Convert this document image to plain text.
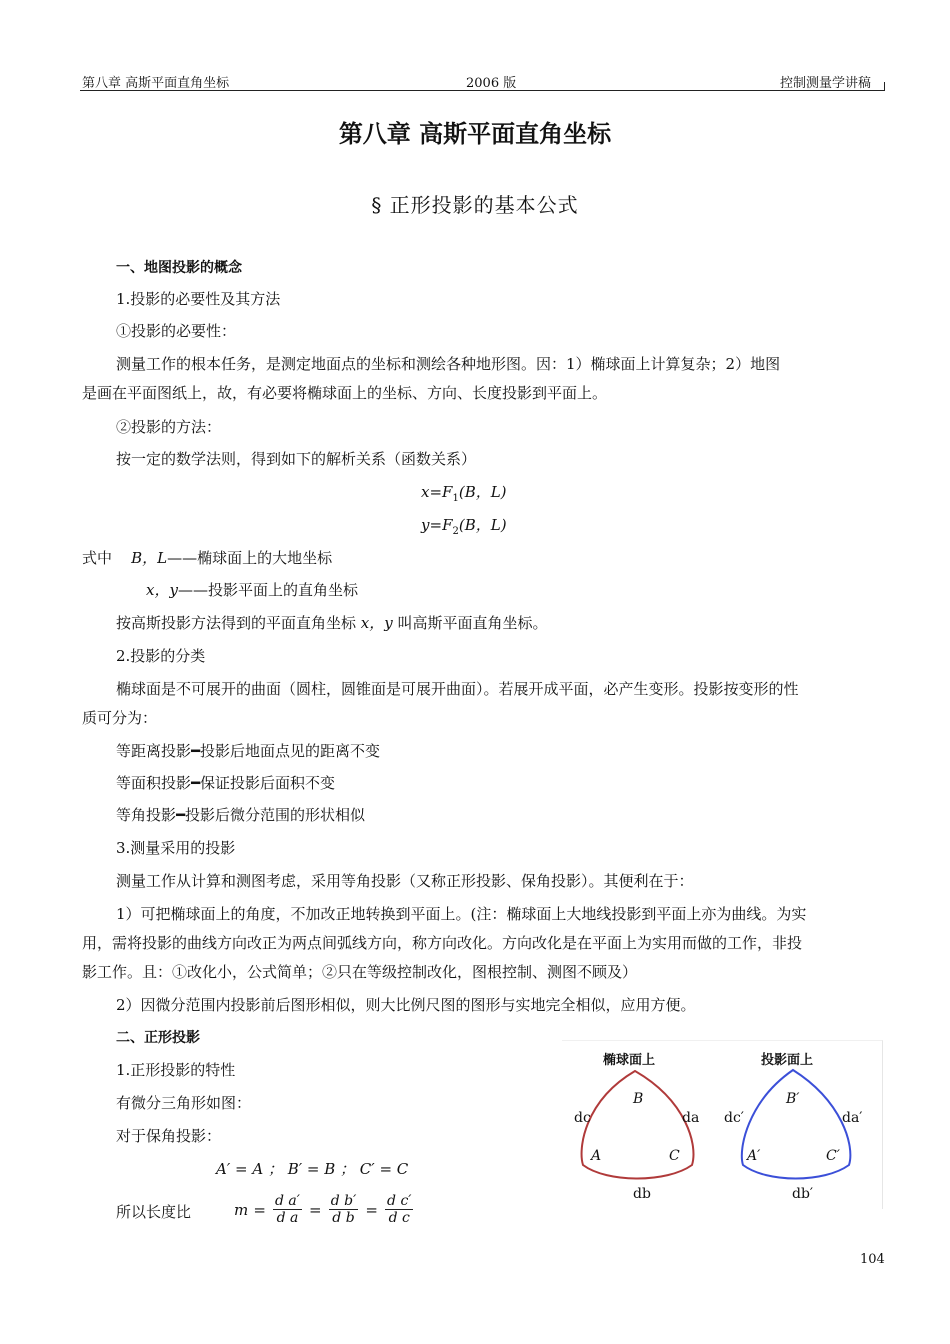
第八章 高斯平面直角坐标	2006 版	控制测量学讲稿
第八章 高斯平面直角坐标
§ 正形投影的基本公式
一、地图投影的概念
1.投影的必要性及其方法
①投影的必要性：
测量工作的根本任务，是测定地面点的坐标和测绘各种地形图。因：1）椭球面上计算复杂；2）地图
是画在平面图纸上，故，有必要将椭球面上的坐标、方向、长度投影到平面上。
②投影的方法：
按一定的数学法则，得到如下的解析关系（函数关系）
$x=F_1(B$，L)
$y=F_2(B$，L)
式中 B，L——椭球面上的大地坐标
x，y——投影平面上的直角坐标
按高斯投影方法得到的平面直角坐标 x，y 叫高斯平面直角坐标。
2.投影的分类
椭球面是不可展开的曲面（圆柱，圆锥面是可展开曲面）。若展开成平面，必产生变形。投影按变形的性
质可分为：
等距离投影━投影后地面点见的距离不变
等面积投影━保证投影后面积不变
等角投影━投影后微分范围的形状相似
3.测量采用的投影
测量工作从计算和测图考虑，采用等角投影（又称正形投影、保角投影）。其便利在于：
1）可把椭球面上的角度，不加改正地转换到平面上。(注：椭球面上大地线投影到平面上亦为曲线。为实
用，需将投影的曲线方向改正为两点间弧线方向，称方向改化。方向改化是在平面上为实用而做的工作，非投
影工作。且：①改化小，公式简单；②只在等级控制改化，图根控制、测图不顾及）
2）因微分范围内投影前后图形相似，则大比例尺图的图形与实地完全相似，应用方便。
二、正形投影
1.正形投影的特性
有微分三角形如图：
对于保角投影：
A′ = A ； B′ = B ； C′ = C
所以长度比	$m = \frac{\text{d a′}}{\text{d a}} = \frac{\text{d b′}}{\text{d b}} = \frac{\text{d c′}}{\text{d c}}$
椭球面上	投影面上
B
A	C
dc	da
db
B′
A′	C′
dc′	da′
db′
104
